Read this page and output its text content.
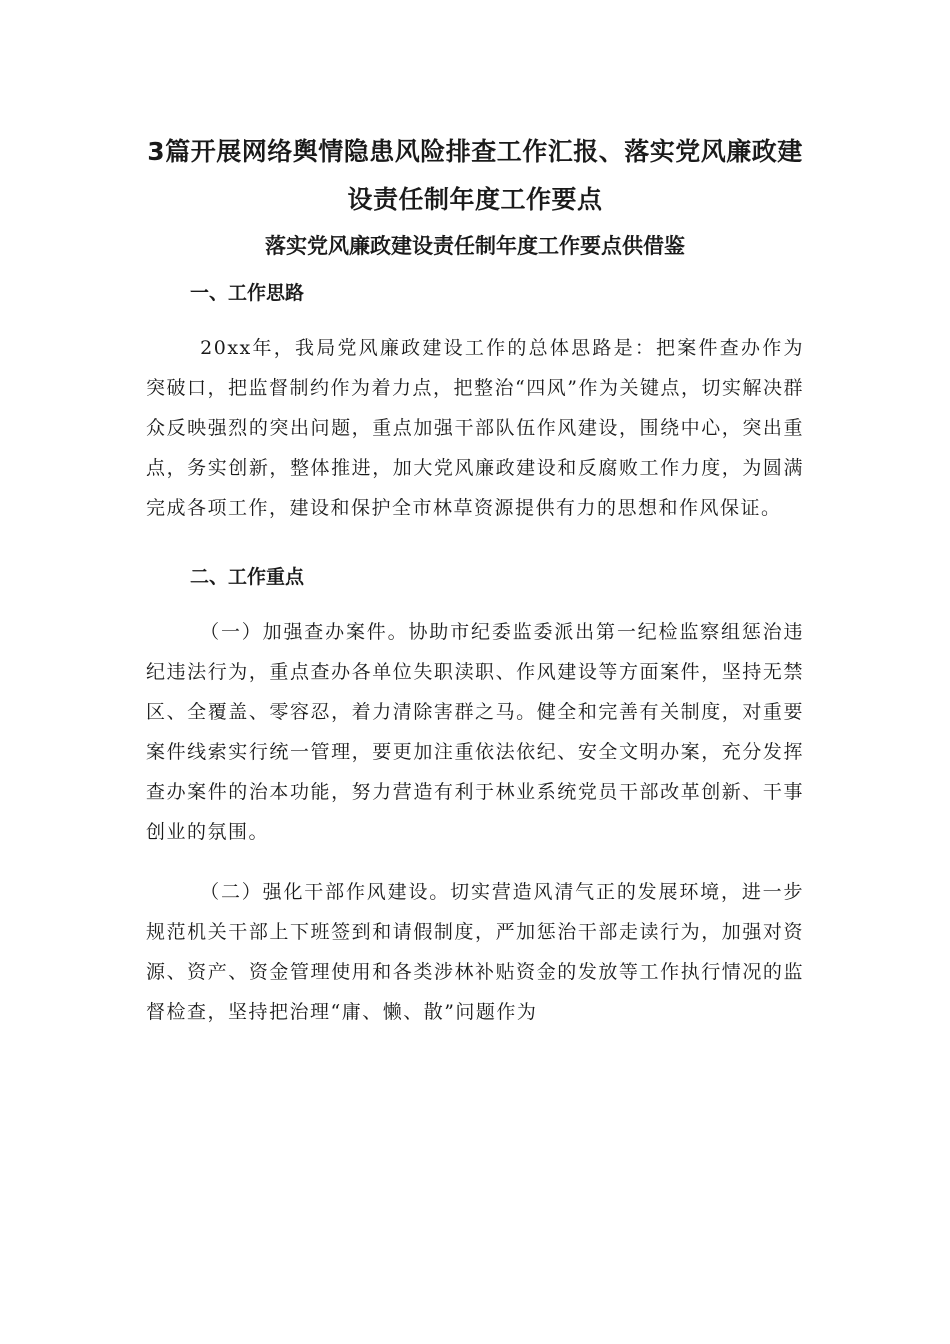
3篇开展网络舆情隐患风险排查工作汇报、落实党风廉政建
设责任制年度工作要点
落实党风廉政建设责任制年度工作要点供借鉴
一、工作思路

20xx年，我局党风廉政建设工作的总体思路是：把案件查办作为突破口，把监督制约作为着力点，把整治“四风”作为关键点，切实解决群众反映强烈的突出问题，重点加强干部队伍作风建设，围绕中心，突出重点，务实创新，整体推进，加大党风廉政建设和反腐败工作力度，为圆满完成各项工作，建设和保护全市林草资源提供有力的思想和作风保证。

二、工作重点

（一）加强查办案件。协助市纪委监委派出第一纪检监察组惩治违纪违法行为，重点查办各单位失职渎职、作风建设等方面案件，坚持无禁区、全覆盖、零容忍，着力清除害群之马。健全和完善有关制度，对重要案件线索实行统一管理，要更加注重依法依纪、安全文明办案，充分发挥查办案件的治本功能，努力营造有利于林业系统党员干部改革创新、干事创业的氛围。

（二）强化干部作风建设。切实营造风清气正的发展环境，进一步规范机关干部上下班签到和请假制度，严加惩治干部走读行为，加强对资源、资产、资金管理使用和各类涉林补贴资金的发放等工作执行情况的监督检查，坚持把治理“庸、懒、散”问题作为
